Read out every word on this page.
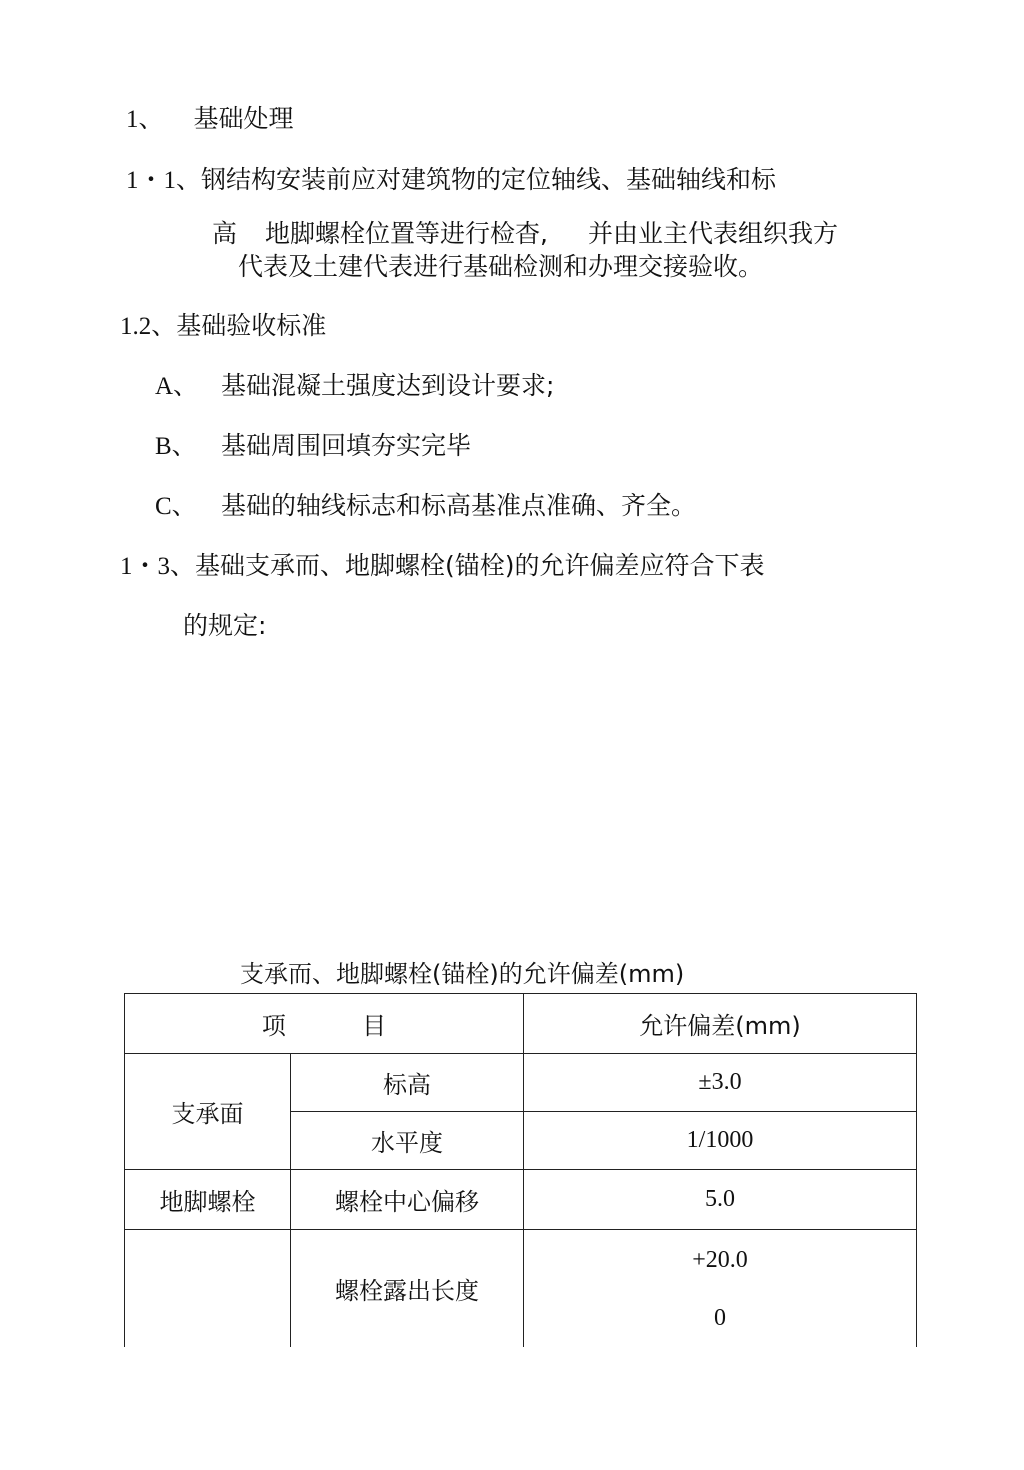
1、 基础处理
1・1、钢结构安装前应对建筑物的定位轴线、基础轴线和标
高 地脚螺栓位置等进行检杳, 并由业主代表组织我方
代表及土建代表进行基础检测和办理交接验收。
1.2、基础验收标准
A、 基础混凝土强度达到设计要求;
B、 基础周围回填夯实完毕
C、 基础的轴线标志和标高基准点准确、齐全。
1・3、基础支承而、地脚螺栓(锚栓)的允许偏差应符合下表
的规定:
支承而、地脚螺栓(锚栓)的允许偏差(mm)
项          目		允许偏差(mm)
支承面	标高	±3.0
	水平度	1/1000
地脚螺栓	螺栓中心偏移	5.0
	螺栓露出长度	+20.0
0
